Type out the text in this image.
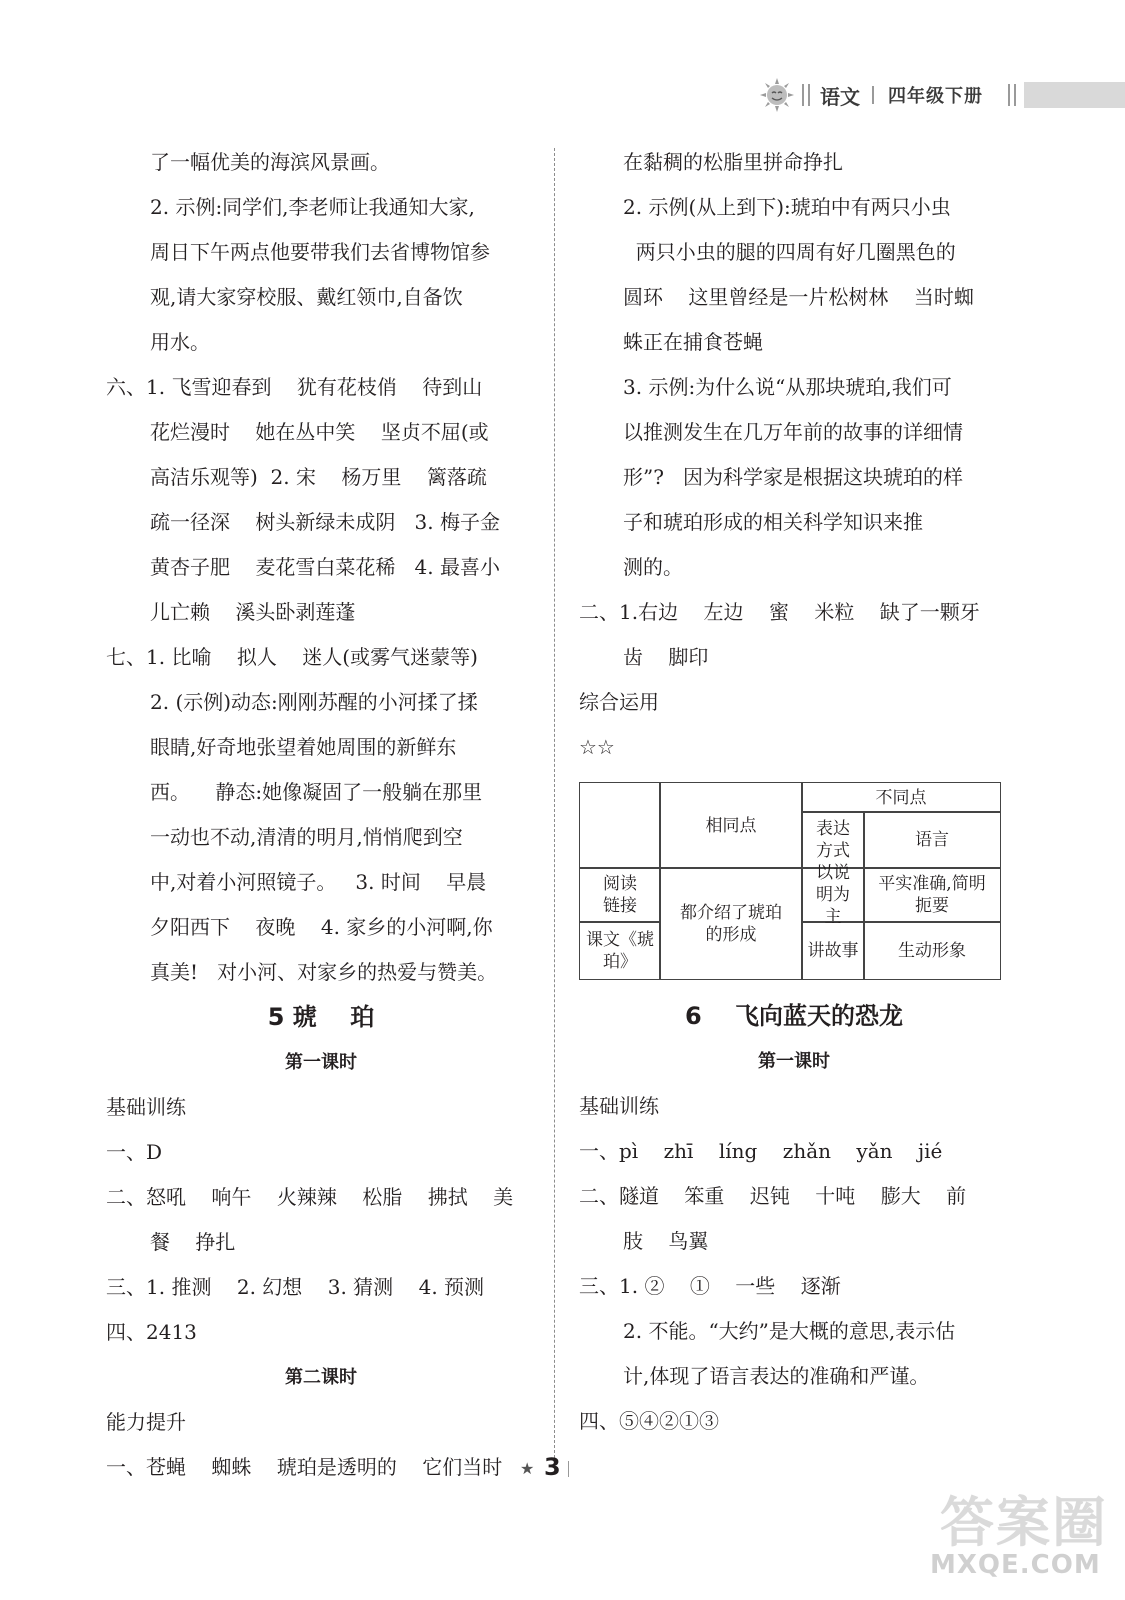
语文 四年级下册
了一幅优美的海滨风景画。
2. 示例:同学们,李老师让我通知大家,
周日下午两点他要带我们去省博物馆参
观,请大家穿校服、戴红领巾,自备饮
用水。
六、1. 飞雪迎春到    犹有花枝俏    待到山
花烂漫时    她在丛中笑    坚贞不屈(或
高洁乐观等)  2. 宋    杨万里    篱落疏
疏一径深    树头新绿未成阴   3. 梅子金
黄杏子肥    麦花雪白菜花稀   4. 最喜小
儿亡赖    溪头卧剥莲蓬
七、1. 比喻    拟人    迷人(或雾气迷蒙等)
2. (示例)动态:刚刚苏醒的小河揉了揉
眼睛,好奇地张望着她周围的新鲜东
西。    静态:她像凝固了一般躺在那里
一动也不动,清清的明月,悄悄爬到空
中,对着小河照镜子。   3. 时间    早晨
夕阳西下    夜晚    4. 家乡的小河啊,你
真美!   对小河、对家乡的热爱与赞美。
5 琥    珀
第一课时
基础训练
一、D
二、怒吼    响午    火辣辣    松脂    拂拭    美
餐    挣扎
三、1. 推测    2. 幻想    3. 猜测    4. 预测
四、2413
第二课时
能力提升
一、苍蝇    蜘蛛    琥珀是透明的    它们当时
在黏稠的松脂里拼命挣扎
2. 示例(从上到下):琥珀中有两只小虫
两只小虫的腿的四周有好几圈黑色的
圆环    这里曾经是一片松树林    当时蜘
蛛正在捕食苍蝇
3. 示例:为什么说“从那块琥珀,我们可
以推测发生在几万年前的故事的详细情
形”?   因为科学家是根据这块琥珀的样
子和琥珀形成的相关科学知识来推
测的。
二、1.右边    左边    蜜    米粒    缺了一颗牙
齿    脚印
综合运用
☆☆
相同点
不同点
表达方式
语言
阅读链接
课文《琥珀》
都介绍了琥珀的形成
以说明为主
平实准确,简明扼要
讲故事	生动形象
6    飞向蓝天的恐龙
第一课时
基础训练
一、pì    zhī    líng    zhǎn    yǎn    jié
二、隧道    笨重    迟钝    十吨    膨大    前
肢    鸟翼
三、1. ②    ①    一些    逐渐
2. 不能。“大约”是大概的意思,表示估
计,体现了语言表达的准确和严谨。
四、⑤④②①③
★ 3
答案圈
MXQE.COM
